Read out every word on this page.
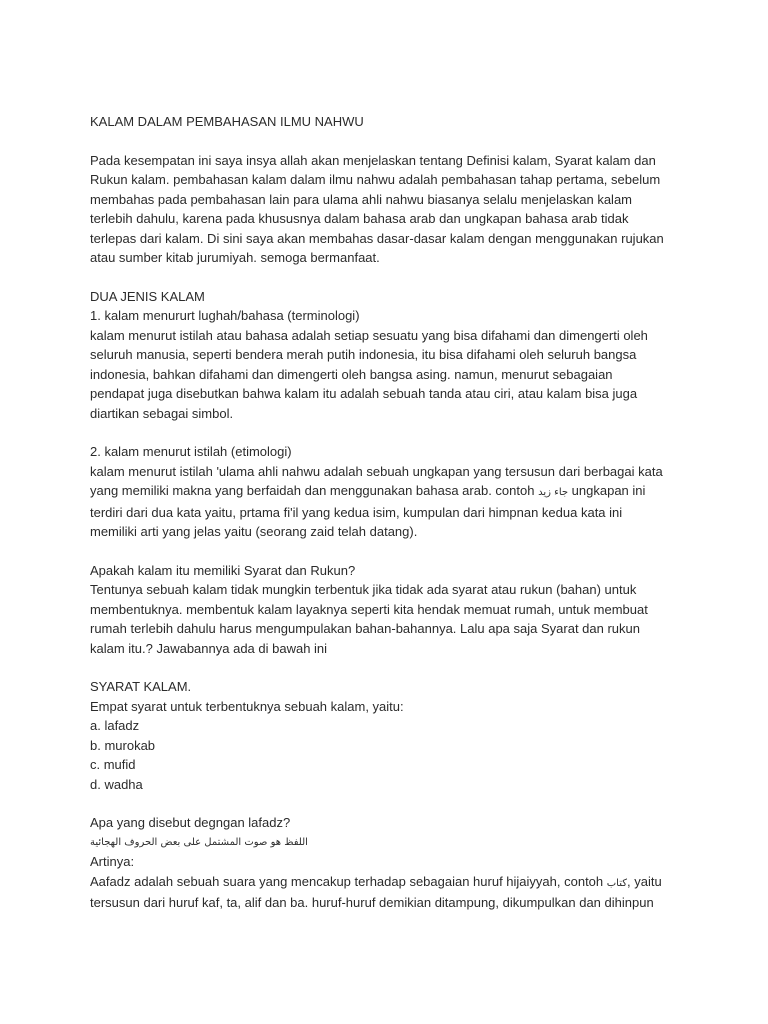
KALAM DALAM PEMBAHASAN ILMU NAHWU
Pada kesempatan ini saya insya allah akan menjelaskan tentang Definisi kalam, Syarat kalam dan
Rukun kalam. pembahasan kalam dalam ilmu nahwu adalah pembahasan tahap pertama, sebelum
membahas pada pembahasan lain para ulama ahli nahwu biasanya selalu menjelaskan kalam
terlebih dahulu, karena pada khususnya dalam bahasa arab dan ungkapan bahasa arab tidak
terlepas dari kalam. Di sini saya akan membahas dasar-dasar kalam dengan menggunakan rujukan
atau sumber kitab jurumiyah. semoga bermanfaat.
DUA JENIS KALAM
1. kalam menururt lughah/bahasa (terminologi)
kalam menurut istilah atau bahasa adalah setiap sesuatu yang bisa difahami dan dimengerti oleh
seluruh manusia, seperti bendera merah putih indonesia, itu bisa difahami oleh seluruh bangsa
indonesia, bahkan difahami dan dimengerti oleh bangsa asing. namun, menurut sebagaian
pendapat juga disebutkan bahwa kalam itu adalah sebuah tanda atau ciri, atau kalam bisa juga
diartikan sebagai simbol.
2. kalam menurut istilah (etimologi)
kalam menurut istilah 'ulama ahli nahwu adalah sebuah ungkapan yang tersusun dari berbagai kata
yang memiliki makna yang berfaidah dan menggunakan bahasa arab. contoh جاء زيد ungkapan ini
terdiri dari dua kata yaitu, prtama fi'il yang kedua isim, kumpulan dari himpnan kedua kata ini
memiliki arti yang jelas yaitu (seorang zaid telah datang).
Apakah kalam itu memiliki Syarat dan Rukun?
Tentunya sebuah kalam tidak mungkin terbentuk jika tidak ada syarat atau rukun (bahan) untuk
membentuknya. membentuk kalam layaknya seperti kita hendak memuat rumah, untuk membuat
rumah terlebih dahulu harus mengumpulakan bahan-bahannya. Lalu apa saja Syarat dan rukun
kalam itu.? Jawabannya ada di bawah ini
SYARAT KALAM.
Empat syarat untuk terbentuknya sebuah kalam, yaitu:
a. lafadz
b. murokab
c. mufid
d. wadha
Apa yang disebut degngan lafadz?
اللفظ هو صوت المشتمل على بعض الحروف الهجائية
Artinya:
Aafadz adalah sebuah suara yang mencakup terhadap sebagaian huruf hijaiyyah, contoh كتاب, yaitu
tersusun dari huruf kaf, ta, alif dan ba. huruf-huruf demikian ditampung, dikumpulkan dan dihinpun
